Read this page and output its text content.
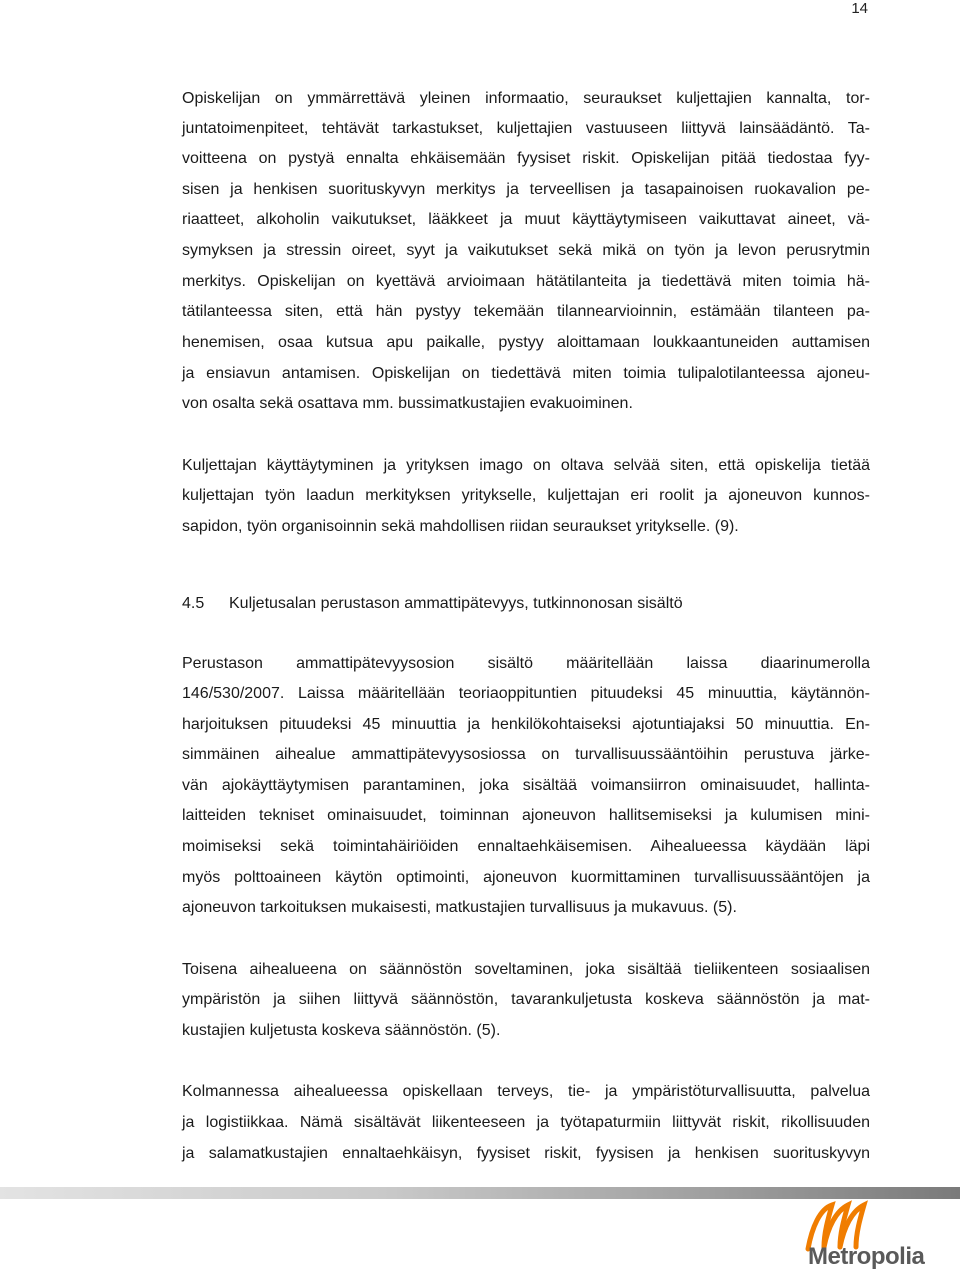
14
Opiskelijan on ymmärrettävä yleinen informaatio, seuraukset kuljettajien kannalta, tor-
juntatoimenpiteet, tehtävät tarkastukset, kuljettajien vastuuseen liittyvä lainsäädäntö. Ta-
voitteena on pystyä ennalta ehkäisemään fyysiset riskit. Opiskelijan pitää tiedostaa fyy-
sisen ja henkisen suorituskyvyn merkitys ja terveellisen ja tasapainoisen ruokavalion pe-
riaatteet, alkoholin vaikutukset, lääkkeet ja muut käyttäytymiseen vaikuttavat aineet, vä-
symyksen ja stressin oireet, syyt ja vaikutukset sekä mikä on työn ja levon perusrytmin
merkitys. Opiskelijan on kyettävä arvioimaan hätätilanteita ja tiedettävä miten toimia hä-
tätilanteessa siten, että hän pystyy tekemään tilannearvioinnin, estämään tilanteen pa-
henemisen, osaa kutsua apu paikalle, pystyy aloittamaan loukkaantuneiden auttamisen
ja ensiavun antamisen. Opiskelijan on tiedettävä miten toimia tulipalotilanteessa ajoneu-
von osalta sekä osattava mm. bussimatkustajien evakuoiminen.
Kuljettajan käyttäytyminen ja yrityksen imago on oltava selvää siten, että opiskelija tietää
kuljettajan työn laadun merkityksen yritykselle, kuljettajan eri roolit ja ajoneuvon kunnos-
sapidon, työn organisoinnin sekä mahdollisen riidan seuraukset yritykselle. (9).
4.5 Kuljetusalan perustason ammattipätevyys, tutkinnonosan sisältö
Perustason ammattipätevyysosion sisältö määritellään laissa diaarinumerolla
146/530/2007. Laissa määritellään teoriaoppituntien pituudeksi 45 minuuttia, käytännön-
harjoituksen pituudeksi 45 minuuttia ja henkilökohtaiseksi ajotuntiajaksi 50 minuuttia. En-
simmäinen aihealue ammattipätevyysosiossa on turvallisuussääntöihin perustuva järke-
vän ajokäyttäytymisen parantaminen, joka sisältää voimansiirron ominaisuudet, hallinta-
laitteiden tekniset ominaisuudet, toiminnan ajoneuvon hallitsemiseksi ja kulumisen mini-
moimiseksi sekä toimintahäiriöiden ennaltaehkäisemisen. Aihealueessa käydään läpi
myös polttoaineen käytön optimointi, ajoneuvon kuormittaminen turvallisuussääntöjen ja
ajoneuvon tarkoituksen mukaisesti, matkustajien turvallisuus ja mukavuus. (5).
Toisena aihealueena on säännöstön soveltaminen, joka sisältää tieliikenteen sosiaalisen
ympäristön ja siihen liittyvä säännöstön, tavarankuljetusta koskeva säännöstön ja mat-
kustajien kuljetusta koskeva säännöstön. (5).
Kolmannessa aihealueessa opiskellaan terveys, tie- ja ympäristöturvallisuutta, palvelua
ja logistiikkaa. Nämä sisältävät liikenteeseen ja työtapaturmiin liittyvät riskit, rikollisuuden
ja salamatkustajien ennaltaehkäisyn, fyysiset riskit, fyysisen ja henkisen suorituskyvyn
Metropolia
